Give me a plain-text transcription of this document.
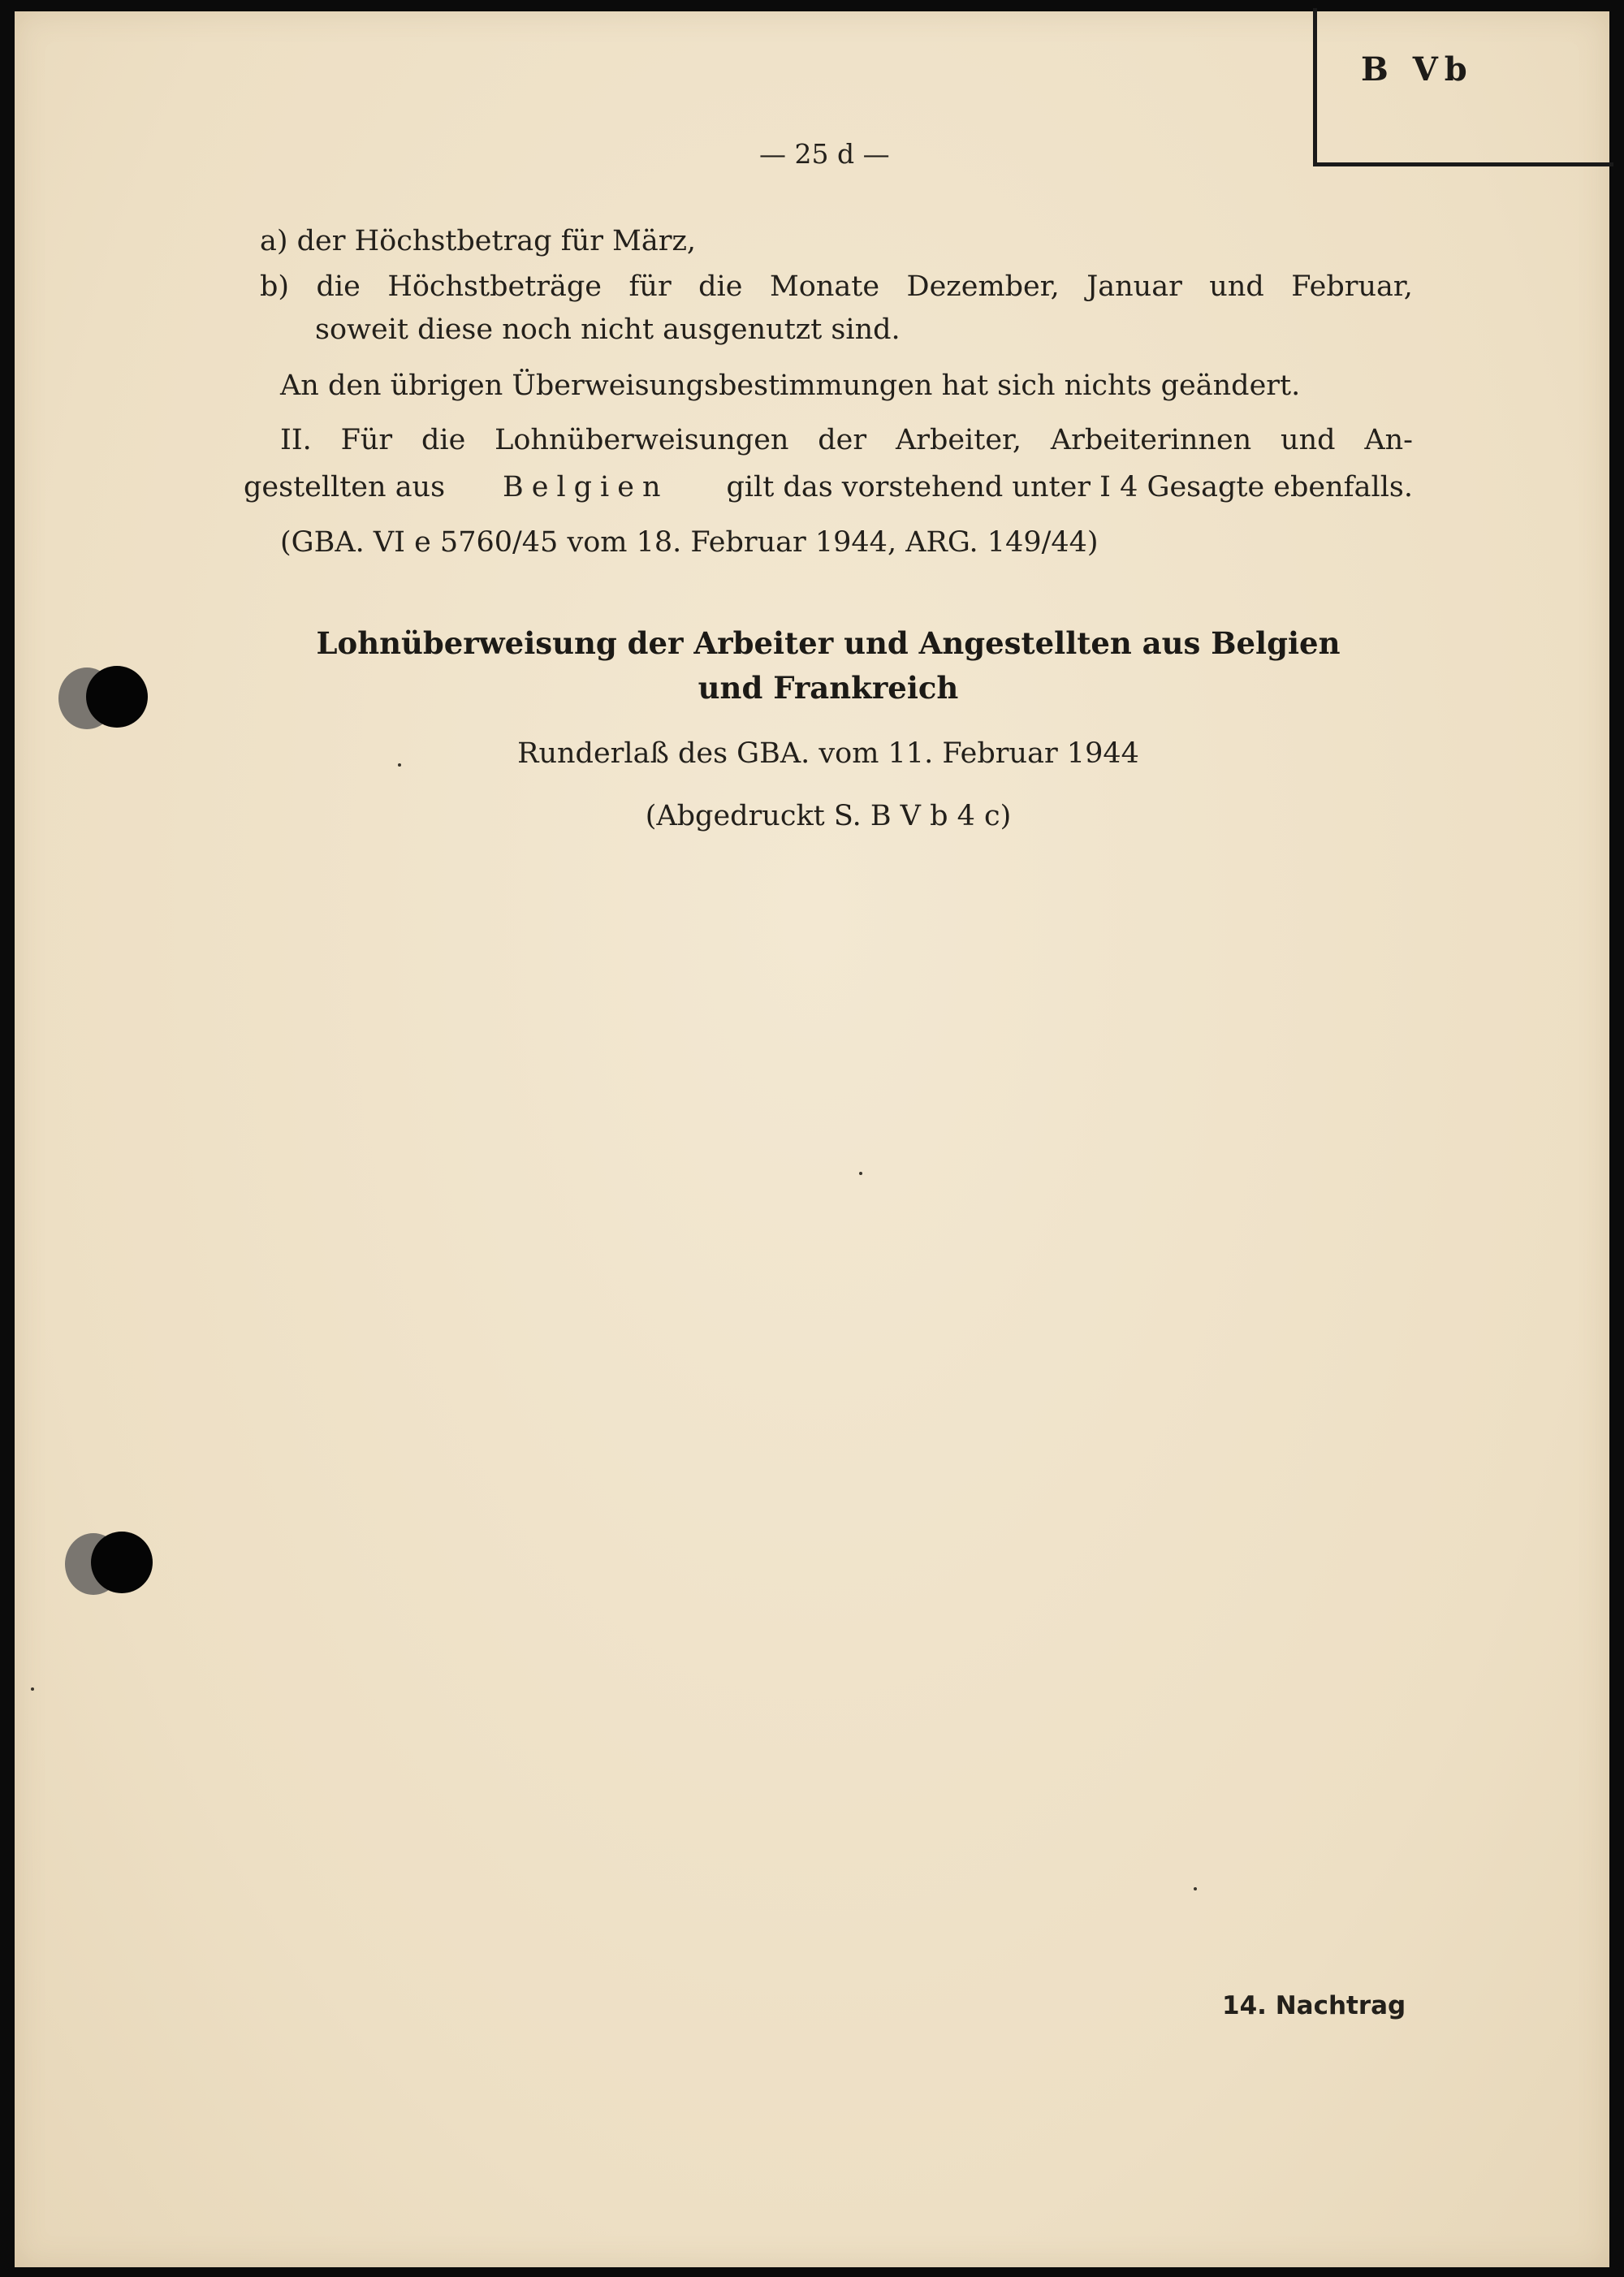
B Vb
— 25 d —
a) der Höchstbetrag für März,
b) die Höchstbeträge für die Monate Dezember, Januar und Februar,
soweit diese noch nicht ausgenutzt sind.
An den übrigen Überweisungsbestimmungen hat sich nichts geändert.
II. Für die Lohnüberweisungen der Arbeiter, Arbeiterinnen und An-
gestellten aus Belgien gilt das vorstehend unter I 4 Gesagte ebenfalls.
(GBA. VI e 5760/45 vom 18. Februar 1944, ARG. 149/44)
Lohnüberweisung der Arbeiter und Angestellten aus Belgien
und Frankreich
Runderlaß des GBA. vom 11. Februar 1944
(Abgedruckt S. B V b 4 c)
14. Nachtrag
